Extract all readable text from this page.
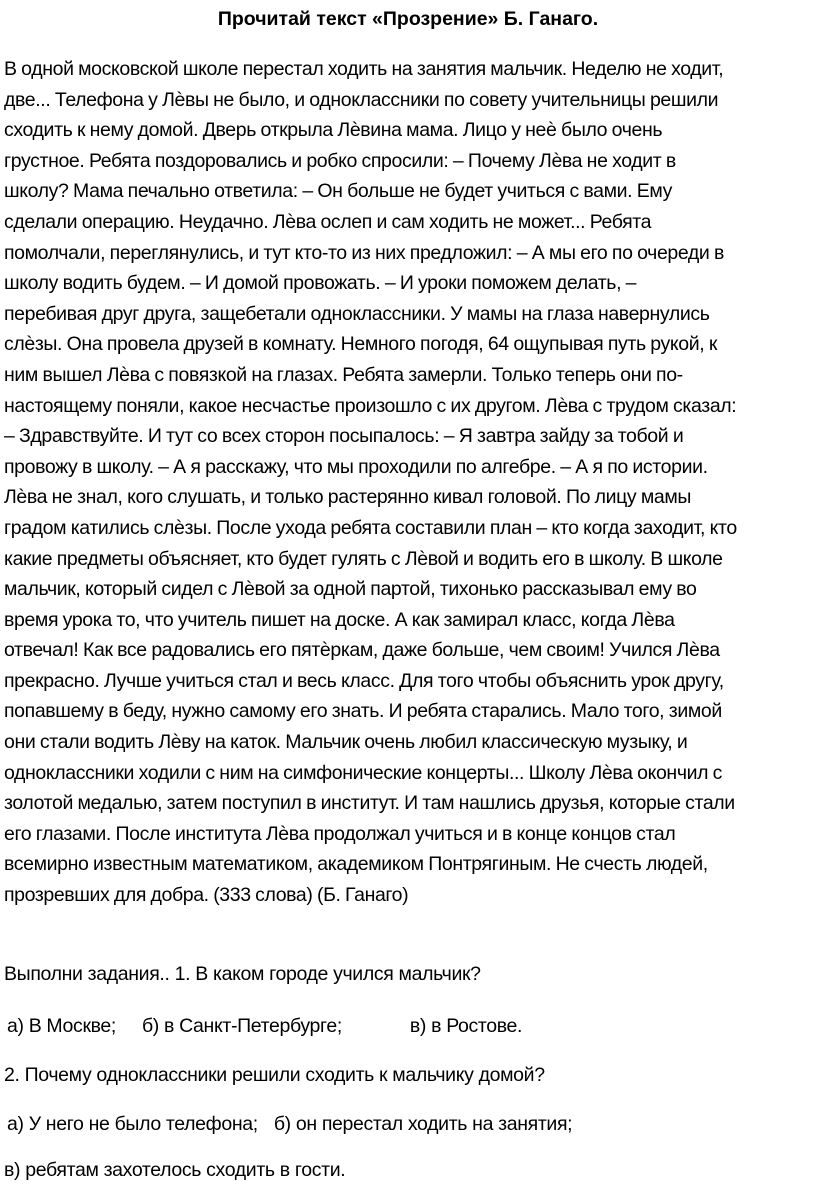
Прочитай текст «Прозрение» Б. Ганаго.
В одной московской школе перестал ходить на занятия мальчик. Неделю не ходит,
две... Телефона у Лѐвы не было, и одноклассники по совету учительницы решили
сходить к нему домой. Дверь открыла Лѐвина мама. Лицо у неѐ было очень
грустное. Ребята поздоровались и робко спросили: – Почему Лѐва не ходит в
школу? Мама печально ответила: – Он больше не будет учиться с вами. Ему
сделали операцию. Неудачно. Лѐва ослеп и сам ходить не может... Ребята
помолчали, переглянулись, и тут кто-то из них предложил: – А мы его по очереди в
школу водить будем. – И домой провожать. – И уроки поможем делать, –
перебивая друг друга, защебетали одноклассники. У мамы на глаза навернулись
слѐзы. Она провела друзей в комнату. Немного погодя, 64 ощупывая путь рукой, к
ним вышел Лѐва с повязкой на глазах. Ребята замерли. Только теперь они по-
настоящему поняли, какое несчастье произошло с их другом. Лѐва с трудом сказал:
– Здравствуйте. И тут со всех сторон посыпалось: – Я завтра зайду за тобой и
провожу в школу. – А я расскажу, что мы проходили по алгебре. – А я по истории.
Лѐва не знал, кого слушать, и только растерянно кивал головой. По лицу мамы
градом катились слѐзы. После ухода ребята составили план – кто когда заходит, кто
какие предметы объясняет, кто будет гулять с Лѐвой и водить его в школу. В школе
мальчик, который сидел с Лѐвой за одной партой, тихонько рассказывал ему во
время урока то, что учитель пишет на доске. А как замирал класс, когда Лѐва
отвечал! Как все радовались его пятѐркам, даже больше, чем своим! Учился Лѐва
прекрасно. Лучше учиться стал и весь класс. Для того чтобы объяснить урок другу,
попавшему в беду, нужно самому его знать. И ребята старались. Мало того, зимой
они стали водить Лѐву на каток. Мальчик очень любил классическую музыку, и
одноклассники ходили с ним на симфонические концерты... Школу Лѐва окончил с
золотой медалью, затем поступил в институт. И там нашлись друзья, которые стали
его глазами. После института Лѐва продолжал учиться и в конце концов стал
всемирно известным математиком, академиком Понтрягиным. Не счесть людей,
прозревших для добра. (333 слова) (Б. Ганаго)

Выполни задания.. 1. В каком городе учился мальчик?

а) В Москве; б) в Санкт-Петербурге;	в) в Ростове.

2. Почему одноклассники решили сходить к мальчику домой?

а) У него не было телефона; б) он перестал ходить на занятия;

в) ребятам захотелось сходить в гости.
